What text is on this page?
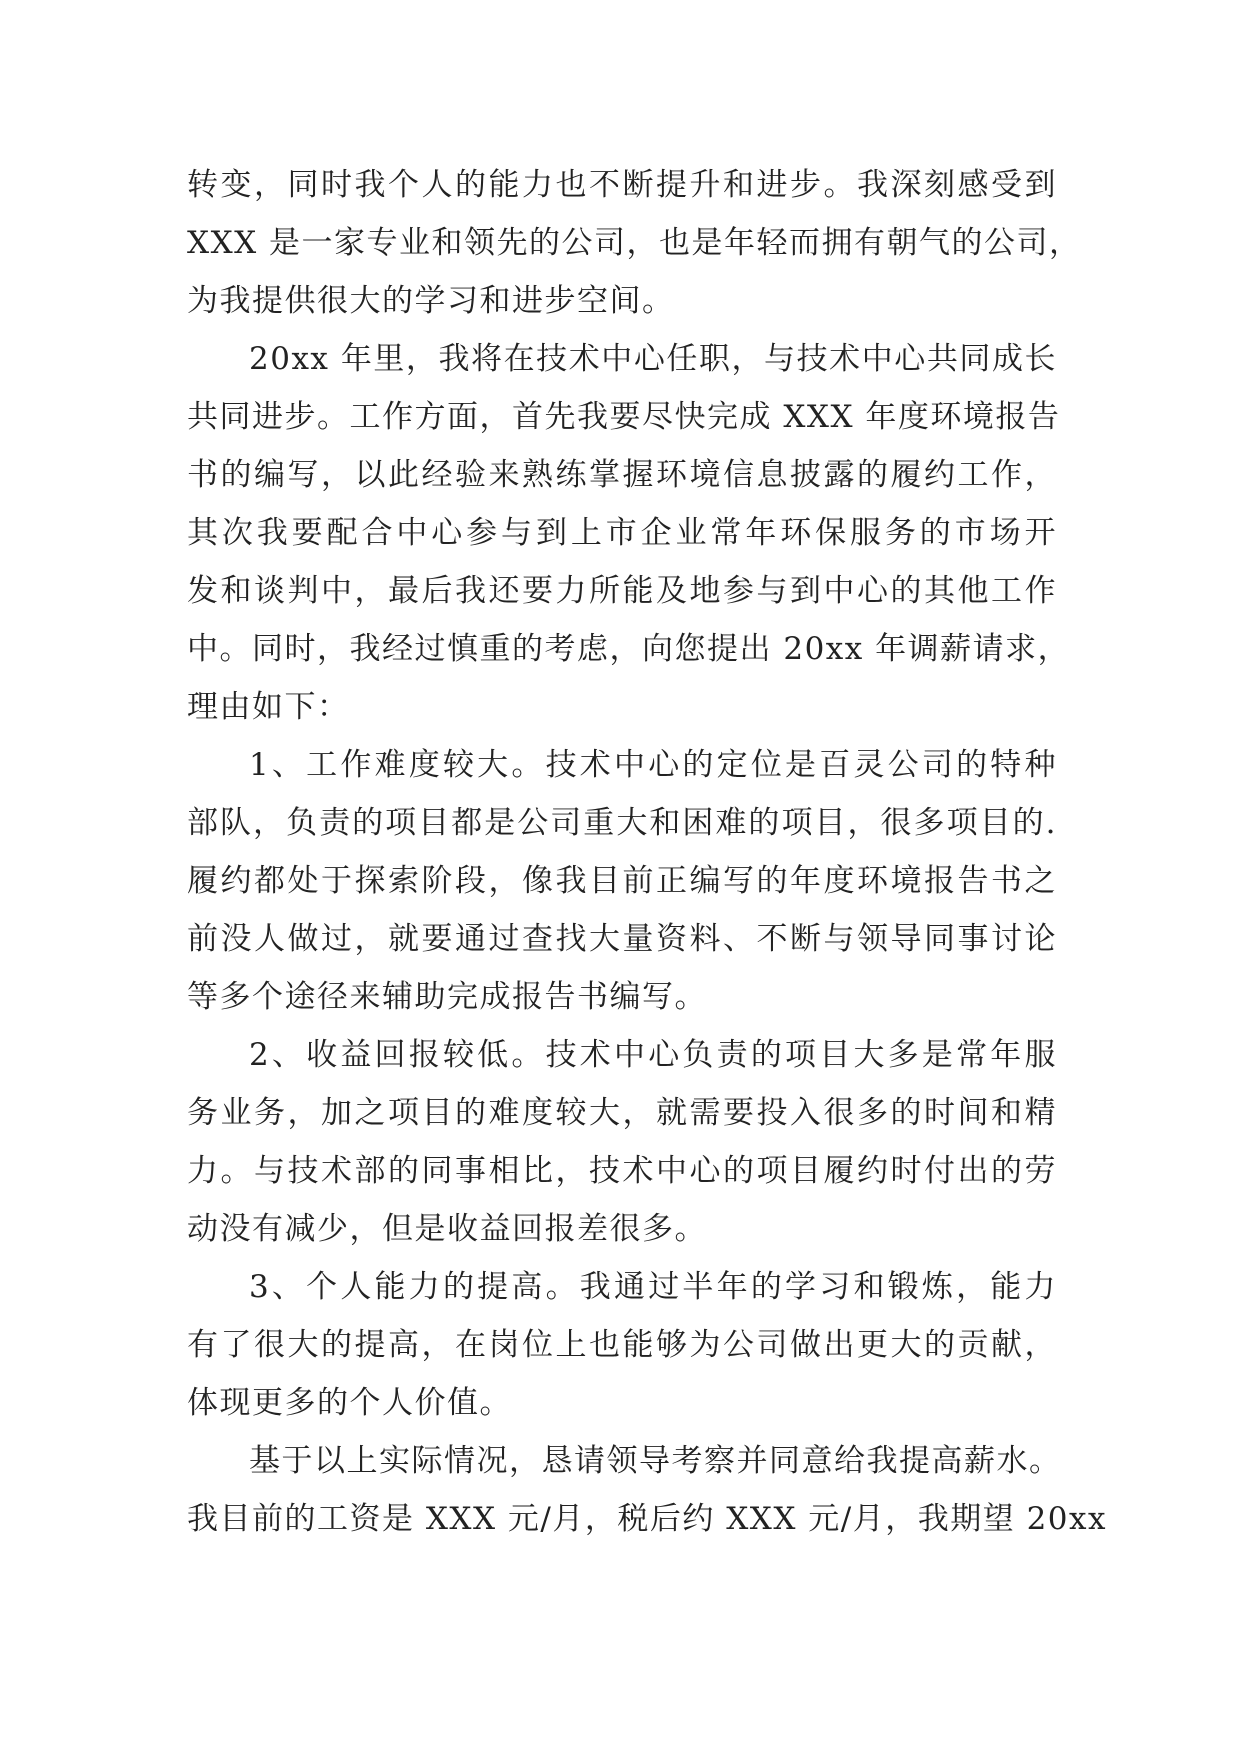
转变，同时我个人的能力也不断提升和进步。我深刻感受到
XXX 是一家专业和领先的公司，也是年轻而拥有朝气的公司，
为我提供很大的学习和进步空间。
20xx 年里，我将在技术中心任职，与技术中心共同成长
共同进步。工作方面，首先我要尽快完成 XXX 年度环境报告
书的编写，以此经验来熟练掌握环境信息披露的履约工作，
其次我要配合中心参与到上市企业常年环保服务的市场开
发和谈判中，最后我还要力所能及地参与到中心的其他工作
中。同时，我经过慎重的考虑，向您提出 20xx 年调薪请求，
理由如下：
1、工作难度较大。技术中心的定位是百灵公司的特种
部队，负责的项目都是公司重大和困难的项目，很多项目的.
履约都处于探索阶段，像我目前正编写的年度环境报告书之
前没人做过，就要通过查找大量资料、不断与领导同事讨论
等多个途径来辅助完成报告书编写。
2、收益回报较低。技术中心负责的项目大多是常年服
务业务，加之项目的难度较大，就需要投入很多的时间和精
力。与技术部的同事相比，技术中心的项目履约时付出的劳
动没有减少，但是收益回报差很多。
3、个人能力的提高。我通过半年的学习和锻炼，能力
有了很大的提高，在岗位上也能够为公司做出更大的贡献，
体现更多的个人价值。
基于以上实际情况，恳请领导考察并同意给我提高薪水。
我目前的工资是 XXX 元/月，税后约 XXX 元/月，我期望 20xx
